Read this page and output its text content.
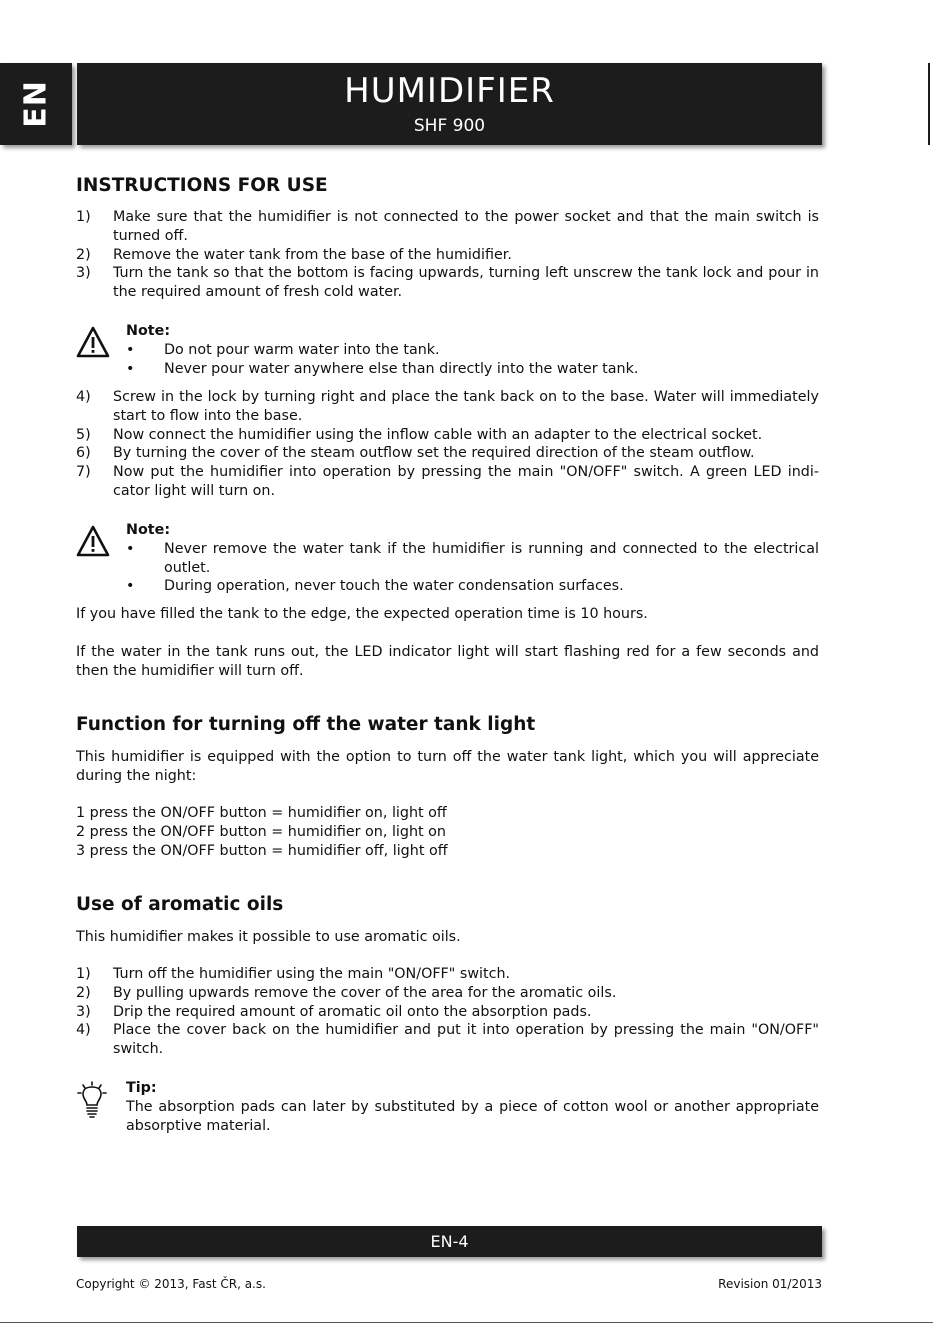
EN	HUMIDIFIER
SHF 900
INSTRUCTIONS FOR USE
1) Make sure that the humidifier is not connected to the power socket and that the main switch is turned off.
2) Remove the water tank from the base of the humidifier.
3) Turn the tank so that the bottom is facing upwards, turning left unscrew the tank lock and pour in the required amount of fresh cold water.
Note:
• Do not pour warm water into the tank.
• Never pour water anywhere else than directly into the water tank.
4) Screw in the lock by turning right and place the tank back on to the base. Water will immediately start to flow into the base.
5) Now connect the humidifier using the inflow cable with an adapter to the electrical socket.
6) By turning the cover of the steam outflow set the required direction of the steam outflow.
7) Now put the humidifier into operation by pressing the main "ON/OFF" switch. A green LED indi-cator light will turn on.
Note:
• Never remove the water tank if the humidifier is running and connected to the electrical outlet.
• During operation, never touch the water condensation surfaces.

If you have filled the tank to the edge, the expected operation time is 10 hours.

If the water in the tank runs out, the LED indicator light will start flashing red for a few seconds and then the humidifier will turn off.

Function for turning off the water tank light

This humidifier is equipped with the option to turn off the water tank light, which you will appreciate during the night:

1 press the ON/OFF button = humidifier on, light off
2 press the ON/OFF button = humidifier on, light on
3 press the ON/OFF button = humidifier off, light off
Use of aromatic oils

This humidifier makes it possible to use aromatic oils.

1) Turn off the humidifier using the main "ON/OFF" switch.
2) By pulling upwards remove the cover of the area for the aromatic oils.
3) Drip the required amount of aromatic oil onto the absorption pads.
4) Place the cover back on the humidifier and put it into operation by pressing the main "ON/OFF" switch.
Tip:
The absorption pads can later by substituted by a piece of cotton wool or another appropriate absorptive material.
EN-4
Copyright © 2013, Fast ČR, a.s.	Revision 01/2013
